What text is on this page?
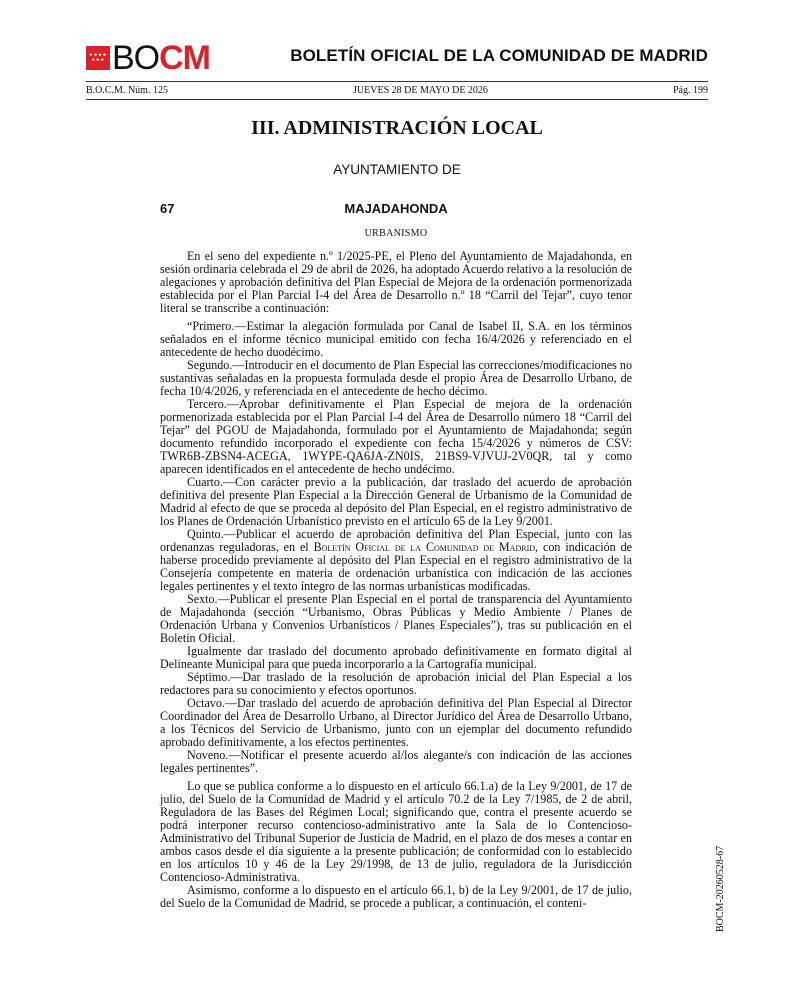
★★★★
★★★ BOCM	BOLETÍN OFICIAL DE LA COMUNIDAD DE MADRID
B.O.C.M. Núm. 125	JUEVES 28 DE MAYO DE 2026	Pág. 199
III. ADMINISTRACIÓN LOCAL
AYUNTAMIENTO DE
67	MAJADAHONDA
URBANISMO

En el seno del expediente n.º 1/2025-PE, el Pleno del Ayuntamiento de Majadahonda, en sesión ordinaria celebrada el 29 de abril de 2026, ha adoptado Acuerdo relativo a la resolución de alegaciones y aprobación definitiva del Plan Especial de Mejora de la ordenación pormenorizada establecida por el Plan Parcial I-4 del Área de Desarrollo n.º 18 “Carril del Tejar”, cuyo tenor literal se transcribe a continuación:

“Primero.—Estimar la alegación formulada por Canal de Isabel II, S.A. en los términos señalados en el informe técnico municipal emitido con fecha 16/4/2026 y referenciado en el antecedente de hecho duodécimo.

Segundo.—Introducir en el documento de Plan Especial las correcciones/modificaciones no sustantivas señaladas en la propuesta formulada desde el propio Área de Desarrollo Urbano, de fecha 10/4/2026, y referenciada en el antecedente de hecho décimo.

Tercero.—Aprobar definitivamente el Plan Especial de mejora de la ordenación pormenorizada establecida por el Plan Parcial I-4 del Área de Desarrollo número 18 “Carril del Tejar” del PGOU de Majadahonda, formulado por el Ayuntamiento de Majadahonda; según documento refundido incorporado el expediente con fecha 15/4/2026 y números de CSV: TWR6B-ZBSN4-ACEGA, 1WYPE-QA6JA-ZN0IS, 21BS9-VJVUJ-2V0QR, tal y como aparecen identificados en el antecedente de hecho undécimo.

Cuarto.—Con carácter previo a la publicación, dar traslado del acuerdo de aprobación definitiva del presente Plan Especial a la Dirección General de Urbanismo de la Comunidad de Madrid al efecto de que se proceda al depósito del Plan Especial, en el registro administrativo de los Planes de Ordenación Urbanístico previsto en el artículo 65 de la Ley 9/2001.

Quinto.—Publicar el acuerdo de aprobación definitiva del Plan Especial, junto con las ordenanzas reguladoras, en el Boletín Oficial de la Comunidad de Madrid, con indicación de haberse procedido previamente al depósito del Plan Especial en el registro administrativo de la Consejería competente en materia de ordenación urbanística con indicación de las acciones legales pertinentes y el texto íntegro de las normas urbanísticas modificadas.

Sexto.—Publicar el presente Plan Especial en el portal de transparencia del Ayuntamiento de Majadahonda (sección “Urbanismo, Obras Públicas y Medio Ambiente / Planes de Ordenación Urbana y Convenios Urbanísticos / Planes Especiales”), tras su publicación en el Boletín Oficial.

Igualmente dar traslado del documento aprobado definitivamente en formato digital al Delineante Municipal para que pueda incorporarlo a la Cartografía municipal.

Séptimo.—Dar traslado de la resolución de aprobación inicial del Plan Especial a los redactores para su conocimiento y efectos oportunos.

Octavo.—Dar traslado del acuerdo de aprobación definitiva del Plan Especial al Director Coordinador del Área de Desarrollo Urbano, al Director Jurídico del Área de Desarrollo Urbano, a los Técnicos del Servicio de Urbanismo, junto con un ejemplar del documento refundido aprobado definitivamente, a los efectos pertinentes.

Noveno.—Notificar el presente acuerdo al/los alegante/s con indicación de las acciones legales pertinentes”.

Lo que se publica conforme a lo dispuesto en el artículo 66.1.a) de la Ley 9/2001, de 17 de julio, del Suelo de la Comunidad de Madrid y el artículo 70.2 de la Ley 7/1985, de 2 de abril, Reguladora de las Bases del Régimen Local; significando que, contra el presente acuerdo se podrá interponer recurso contencioso-administrativo ante la Sala de lo Contencioso-Administrativo del Tribunal Superior de Justicia de Madrid, en el plazo de dos meses a contar en ambos casos desde el día siguiente a la presente publicación; de conformidad con lo establecido en los artículos 10 y 46 de la Ley 29/1998, de 13 de julio, reguladora de la Jurisdicción Contencioso-Administrativa.

Asimismo, conforme a lo dispuesto en el artículo 66.1, b) de la Ley 9/2001, de 17 de julio, del Suelo de la Comunidad de Madrid, se procede a publicar, a continuación, el conteni-	BOCM-20260528-67
